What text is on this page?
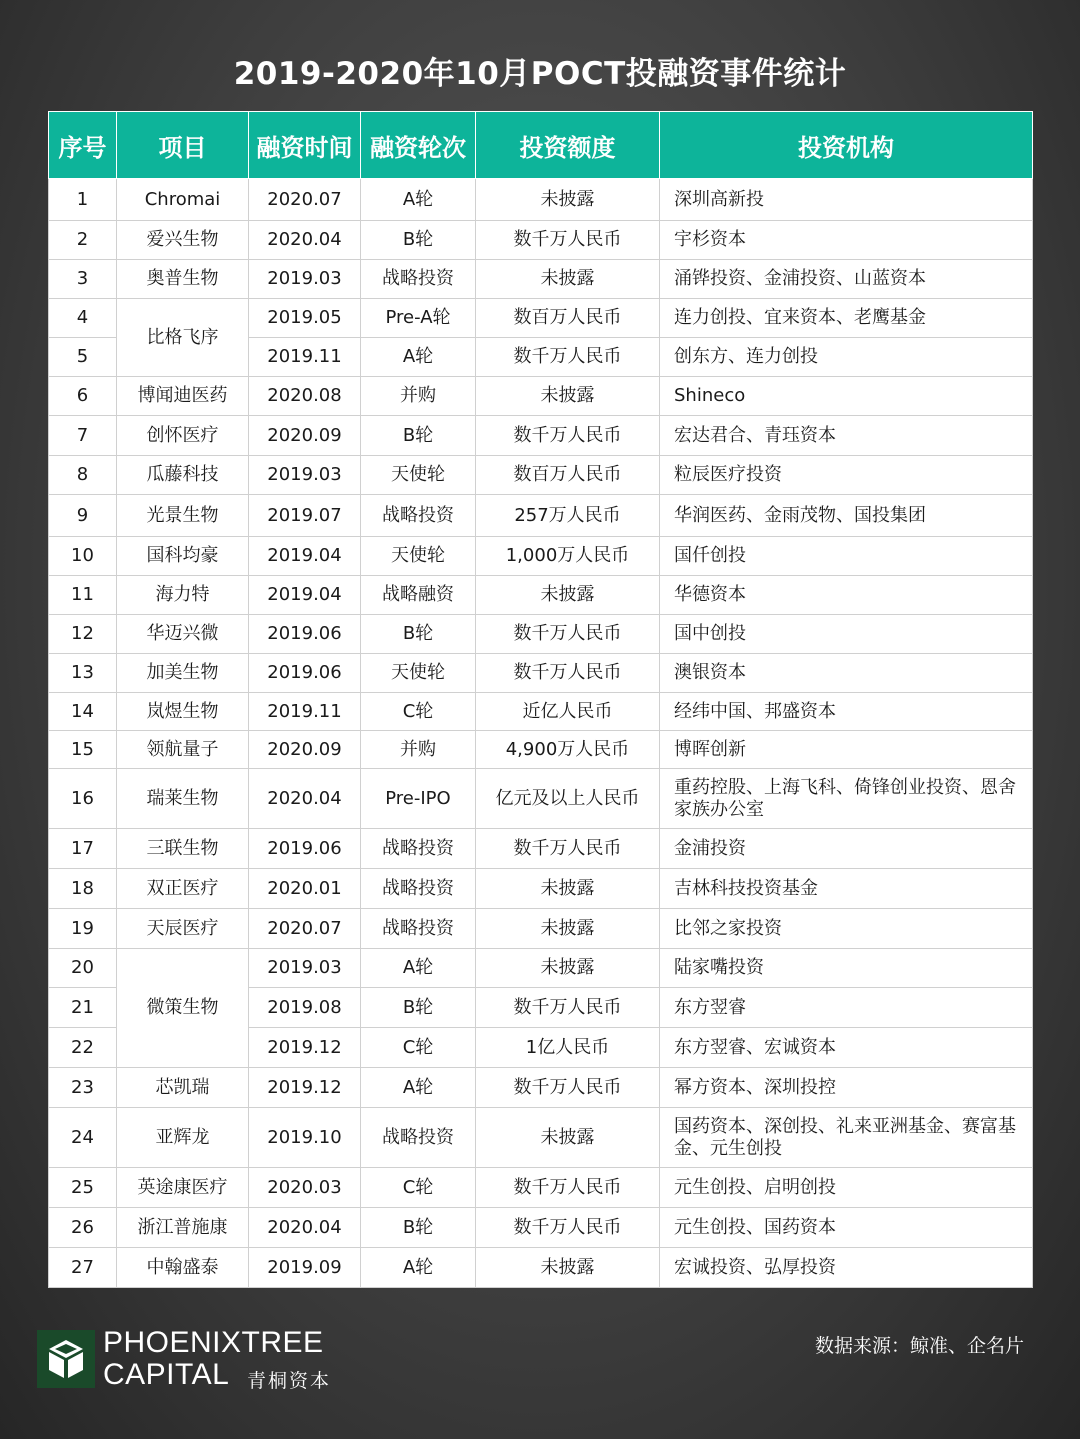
2019-2020年10月POCT投融资事件统计
序号	项目	融资时间	融资轮次	投资额度	投资机构
1	Chromai	2020.07	A轮	未披露	深圳高新投
2	爱兴生物	2020.04	B轮	数千万人民币	宇杉资本
3	奥普生物	2019.03	战略投资	未披露	涌铧投资、金浦投资、山蓝资本
4	比格飞序	2019.05	Pre-A轮	数百万人民币	连力创投、宜来资本、老鹰基金
5		2019.11	A轮	数千万人民币	创东方、连力创投
6	博闻迪医药	2020.08	并购	未披露	Shineco
7	创怀医疗	2020.09	B轮	数千万人民币	宏达君合、青珏资本
8	瓜藤科技	2019.03	天使轮	数百万人民币	粒辰医疗投资
9	光景生物	2019.07	战略投资	257万人民币	华润医药、金雨茂物、国投集团
10	国科均豪	2019.04	天使轮	1,000万人民币	国仟创投
11	海力特	2019.04	战略融资	未披露	华德资本
12	华迈兴微	2019.06	B轮	数千万人民币	国中创投
13	加美生物	2019.06	天使轮	数千万人民币	澳银资本
14	岚煜生物	2019.11	C轮	近亿人民币	经纬中国、邦盛资本
15	领航量子	2020.09	并购	4,900万人民币	博晖创新
16	瑞莱生物	2020.04	Pre-IPO	亿元及以上人民币	重药控股、上海飞科、倚锋创业投资、恩舍家族办公室
17	三联生物	2019.06	战略投资	数千万人民币	金浦投资
18	双正医疗	2020.01	战略投资	未披露	吉林科技投资基金
19	天辰医疗	2020.07	战略投资	未披露	比邻之家投资
20	微策生物	2019.03	A轮	未披露	陆家嘴投资
21		2019.08	B轮	数千万人民币	东方翌睿
22		2019.12	C轮	1亿人民币	东方翌睿、宏诚资本
23	芯凯瑞	2019.12	A轮	数千万人民币	幂方资本、深圳投控
24	亚辉龙	2019.10	战略投资	未披露	国药资本、深创投、礼来亚洲基金、赛富基金、元生创投
25	英途康医疗	2020.03	C轮	数千万人民币	元生创投、启明创投
26	浙江普施康	2020.04	B轮	数千万人民币	元生创投、国药资本
27	中翰盛泰	2019.09	A轮	未披露	宏诚投资、弘厚投资
PHOENIXTREE
CAPITAL 青桐资本
数据来源：鲸准、企名片
